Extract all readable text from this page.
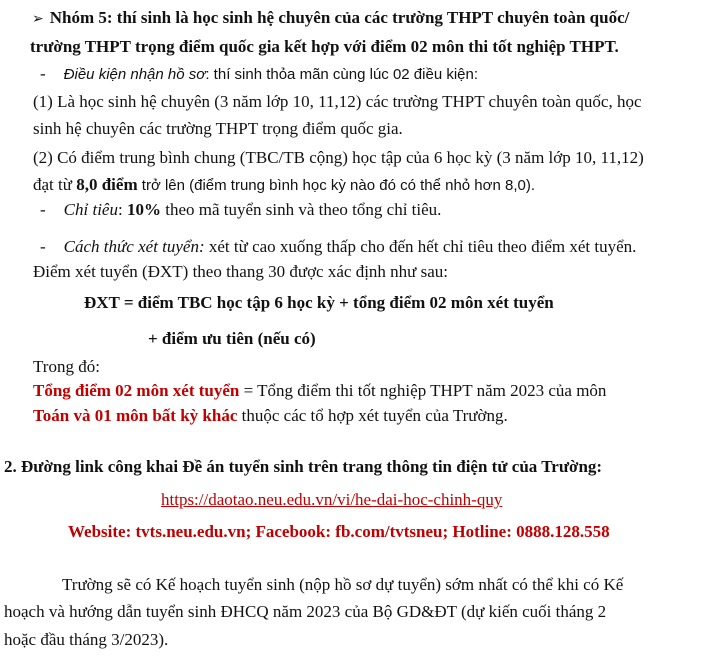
➢ Nhóm 5: thí sinh là học sinh hệ chuyên của các trường THPT chuyên toàn quốc/
trường THPT trọng điểm quốc gia kết hợp với điểm 02 môn thi tốt nghiệp THPT.
- Điều kiện nhận hồ sơ: thí sinh thỏa mãn cùng lúc 02 điều kiện:
(1) Là học sinh hệ chuyên (3 năm lớp 10, 11,12) các trường THPT chuyên toàn quốc, học
sinh hệ chuyên các trường THPT trọng điểm quốc gia.
(2) Có điểm trung bình chung (TBC/TB cộng) học tập của 6 học kỳ (3 năm lớp 10, 11,12)
đạt từ 8,0 điểm trở lên (điểm trung bình học kỳ nào đó có thể nhỏ hơn 8,0).
- Chỉ tiêu: 10% theo mã tuyển sinh và theo tổng chỉ tiêu.
- Cách thức xét tuyển: xét từ cao xuống thấp cho đến hết chỉ tiêu theo điểm xét tuyển.
Điểm xét tuyển (ĐXT) theo thang 30 được xác định như sau:
ĐXT = điểm TBC học tập 6 học kỳ + tổng điểm 02 môn xét tuyển
+ điểm ưu tiên (nếu có)
Trong đó:
Tổng điểm 02 môn xét tuyển = Tổng điểm thi tốt nghiệp THPT năm 2023 của môn
Toán và 01 môn bất kỳ khác thuộc các tổ hợp xét tuyển của Trường.
2. Đường link công khai Đề án tuyển sinh trên trang thông tin điện tử của Trường:
https://daotao.neu.edu.vn/vi/he-dai-hoc-chinh-quy
Website: tvts.neu.edu.vn; Facebook: fb.com/tvtsneu; Hotline: 0888.128.558
Trường sẽ có Kế hoạch tuyển sinh (nộp hồ sơ dự tuyển) sớm nhất có thể khi có Kế
hoạch và hướng dẫn tuyển sinh ĐHCQ năm 2023 của Bộ GD&ĐT (dự kiến cuối tháng 2
hoặc đầu tháng 3/2023).
